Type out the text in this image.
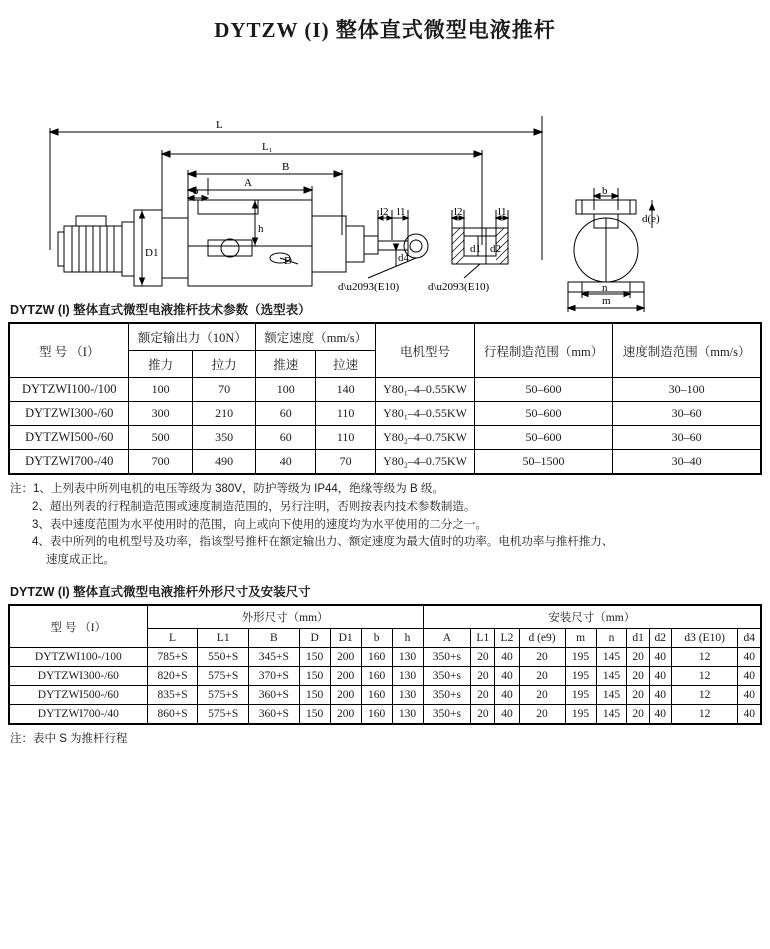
DYTZW (I) 整体直式微型电液推杆
L
L₁
B
A
b
D1
h
D
l2 l1
d4
d\u2093(E10)	d\u2093(E10)
l2	l1
d1 d2
b
d(e)
m
n
DYTZW (I) 整体直式微型电液推杆技术参数（选型表）
型 号 （I）	额定输出力（10N）		额定速度（mm/s）		电机型号	行程制造范围（mm）	速度制造范围（mm/s）
	推力	拉力	推速	拉速			
DYTZWI100-/100	100	70	100	140	Y80₁–4–0.55KW	50–600	30–100
DYTZWI300-/60	300	210	60	110	Y80₁–4–0.55KW	50–600	30–60
DYTZWI500-/60	500	350	60	110	Y80₂–4–0.75KW	50–600	30–60
DYTZWI700-/40	700	490	40	70	Y80₂–4–0.75KW	50–1500	30–40
注：1、上列表中所列电机的电压等级为 380V，防护等级为 IP44，绝缘等级为 B 级。
2、超出列表的行程制造范围或速度制造范围的，另行注明，否则按表内技术参数制造。
3、表中速度范围为水平使用时的范围，向上或向下使用的速度均为水平使用的二分之一。
4、表中所列的电机型号及功率，指该型号推杆在额定输出力、额定速度为最大值时的功率。电机功率与推杆推力、
速度成正比。
DYTZW (I) 整体直式微型电液推杆外形尺寸及安装尺寸
型 号 （I）	外形尺寸（mm）							安装尺寸（mm）									
	L	L1	B	D	D1	b	h	A	L1	L2	d (e9)	m	n	d1	d2	d3 (E10)	d4
DYTZWI100-/100	785+S	550+S	345+S	150	200	160	130	350+s	20	40	20	195	145	20	40	12	40
DYTZWI300-/60	820+S	575+S	370+S	150	200	160	130	350+s	20	40	20	195	145	20	40	12	40
DYTZWI500-/60	835+S	575+S	360+S	150	200	160	130	350+s	20	40	20	195	145	20	40	12	40
DYTZWI700-/40	860+S	575+S	360+S	150	200	160	130	350+s	20	40	20	195	145	20	40	12	40
注：表中 S 为推杆行程
